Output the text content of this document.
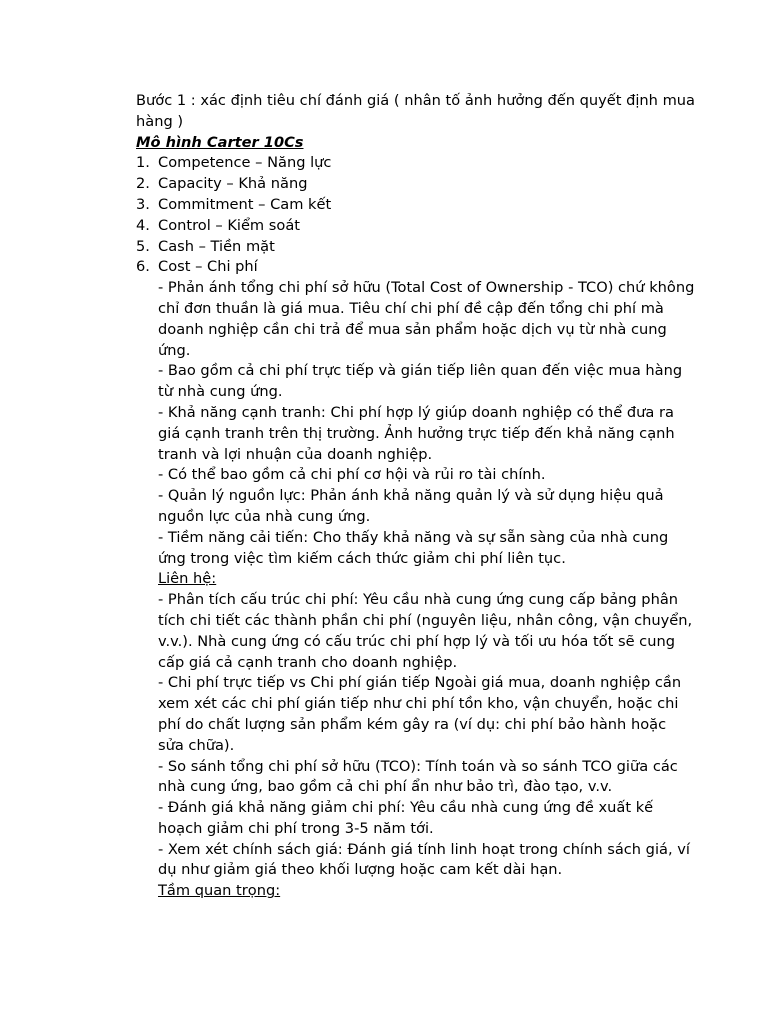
Bước 1 : xác định tiêu chí đánh giá ( nhân tố ảnh hưởng đến quyết định mua hàng )

Mô hình Carter 10Cs

1. Competence – Năng lực
2. Capacity – Khả năng
3. Commitment – Cam kết
4. Control – Kiểm soát
5. Cash – Tiền mặt
6. Cost – Chi phí

- Phản ánh tổng chi phí sở hữu (Total Cost of Ownership - TCO) chứ không chỉ đơn thuần là giá mua. Tiêu chí chi phí đề cập đến tổng chi phí mà doanh nghiệp cần chi trả để mua sản phẩm hoặc dịch vụ từ nhà cung ứng.

- Bao gồm cả chi phí trực tiếp và gián tiếp liên quan đến việc mua hàng từ nhà cung ứng.

- Khả năng cạnh tranh: Chi phí hợp lý giúp doanh nghiệp có thể đưa ra giá cạnh tranh trên thị trường. Ảnh hưởng trực tiếp đến khả năng cạnh tranh và lợi nhuận của doanh nghiệp.

- Có thể bao gồm cả chi phí cơ hội và rủi ro tài chính.

- Quản lý nguồn lực: Phản ánh khả năng quản lý và sử dụng hiệu quả nguồn lực của nhà cung ứng.

- Tiềm năng cải tiến: Cho thấy khả năng và sự sẵn sàng của nhà cung ứng trong việc tìm kiếm cách thức giảm chi phí liên tục.

Liên hệ:

- Phân tích cấu trúc chi phí: Yêu cầu nhà cung ứng cung cấp bảng phân tích chi tiết các thành phần chi phí (nguyên liệu, nhân công, vận chuyển, v.v.). Nhà cung ứng có cấu trúc chi phí hợp lý và tối ưu hóa tốt sẽ cung cấp giá cả cạnh tranh cho doanh nghiệp.

- Chi phí trực tiếp vs Chi phí gián tiếp Ngoài giá mua, doanh nghiệp cần xem xét các chi phí gián tiếp như chi phí tồn kho, vận chuyển, hoặc chi phí do chất lượng sản phẩm kém gây ra (ví dụ: chi phí bảo hành hoặc sửa chữa).

- So sánh tổng chi phí sở hữu (TCO): Tính toán và so sánh TCO giữa các nhà cung ứng, bao gồm cả chi phí ẩn như bảo trì, đào tạo, v.v.

- Đánh giá khả năng giảm chi phí: Yêu cầu nhà cung ứng đề xuất kế hoạch giảm chi phí trong 3-5 năm tới.

- Xem xét chính sách giá: Đánh giá tính linh hoạt trong chính sách giá, ví dụ như giảm giá theo khối lượng hoặc cam kết dài hạn.

Tầm quan trọng:
